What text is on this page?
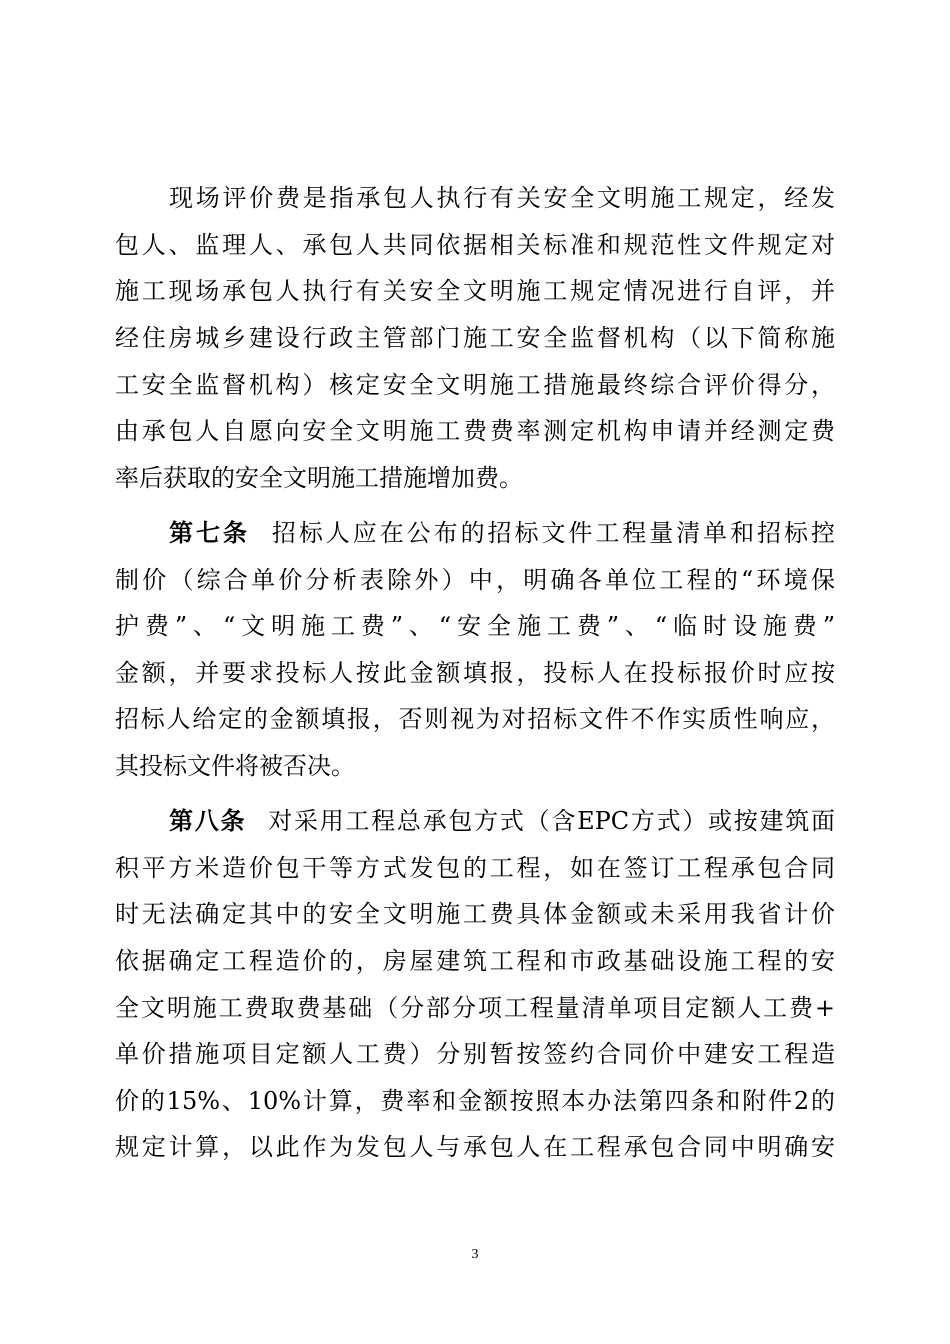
现场评价费是指承包人执行有关安全文明施工规定，经发
包人、监理人、承包人共同依据相关标准和规范性文件规定对
施工现场承包人执行有关安全文明施工规定情况进行自评，并
经住房城乡建设行政主管部门施工安全监督机构（以下简称施
工安全监督机构）核定安全文明施工措施最终综合评价得分，
由承包人自愿向安全文明施工费费率测定机构申请并经测定费
率后获取的安全文明施工措施增加费。
第七条 招标人应在公布的招标文件工程量清单和招标控
制价（综合单价分析表除外）中，明确各单位工程的“环境保
护费”、“文明施工费”、“安全施工费”、“临时设施费”
金额，并要求投标人按此金额填报，投标人在投标报价时应按
招标人给定的金额填报，否则视为对招标文件不作实质性响应，
其投标文件将被否决。
第八条 对采用工程总承包方式（含EPC方式）或按建筑面
积平方米造价包干等方式发包的工程，如在签订工程承包合同
时无法确定其中的安全文明施工费具体金额或未采用我省计价
依据确定工程造价的，房屋建筑工程和市政基础设施工程的安
全文明施工费取费基础（分部分项工程量清单项目定额人工费+
单价措施项目定额人工费）分别暂按签约合同价中建安工程造
价的15%、10%计算，费率和金额按照本办法第四条和附件2的
规定计算，以此作为发包人与承包人在工程承包合同中明确安
3
